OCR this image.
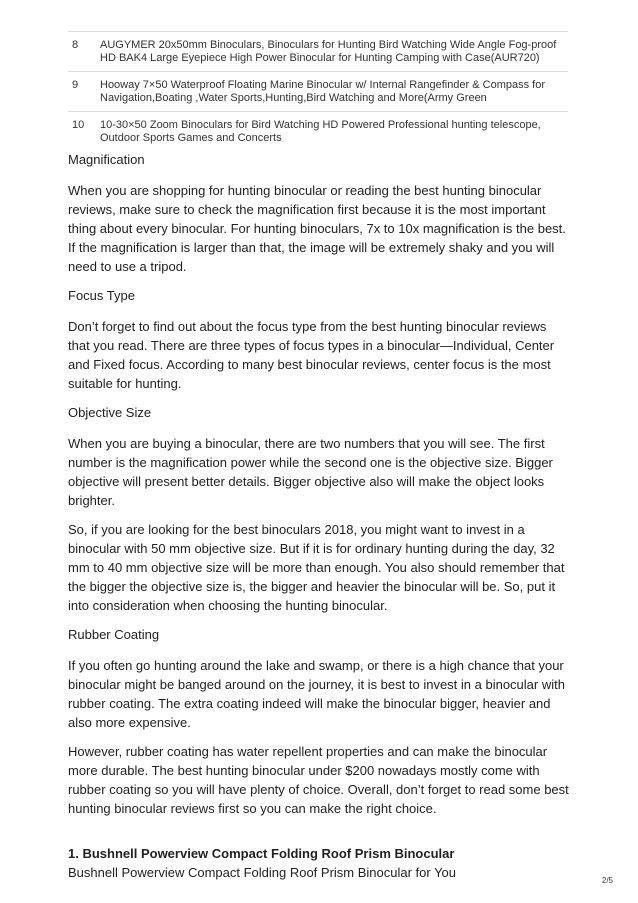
8	AUGYMER 20x50mm Binoculars, Binoculars for Hunting Bird Watching Wide Angle Fog-proof HD BAK4 Large Eyepiece High Power Binocular for Hunting Camping with Case(AUR720)
9	Hooway 7×50 Waterproof Floating Marine Binocular w/ Internal Rangefinder & Compass for Navigation,Boating ,Water Sports,Hunting,Bird Watching and More(Army Green
10	10-30×50 Zoom Binoculars for Bird Watching HD Powered Professional hunting telescope, Outdoor Sports Games and Concerts

Magnification

When you are shopping for hunting binocular or reading the best hunting binocular reviews, make sure to check the magnification first because it is the most important thing about every binocular. For hunting binoculars, 7x to 10x magnification is the best. If the magnification is larger than that, the image will be extremely shaky and you will need to use a tripod.

Focus Type

Don’t forget to find out about the focus type from the best hunting binocular reviews that you read. There are three types of focus types in a binocular—Individual, Center and Fixed focus. According to many best binocular reviews, center focus is the most suitable for hunting.

Objective Size

When you are buying a binocular, there are two numbers that you will see. The first number is the magnification power while the second one is the objective size. Bigger objective will present better details. Bigger objective also will make the object looks brighter.

So, if you are looking for the best binoculars 2018, you might want to invest in a binocular with 50 mm objective size. But if it is for ordinary hunting during the day, 32 mm to 40 mm objective size will be more than enough. You also should remember that the bigger the objective size is, the bigger and heavier the binocular will be. So, put it into consideration when choosing the hunting binocular.

Rubber Coating

If you often go hunting around the lake and swamp, or there is a high chance that your binocular might be banged around on the journey, it is best to invest in a binocular with rubber coating. The extra coating indeed will make the binocular bigger, heavier and also more expensive.

However, rubber coating has water repellent properties and can make the binocular more durable. The best hunting binocular under $200 nowadays mostly come with rubber coating so you will have plenty of choice. Overall, don’t forget to read some best hunting binocular reviews first so you can make the right choice.

1. Bushnell Powerview Compact Folding Roof Prism Binocular

Bushnell Powerview Compact Folding Roof Prism Binocular for You

2/5
